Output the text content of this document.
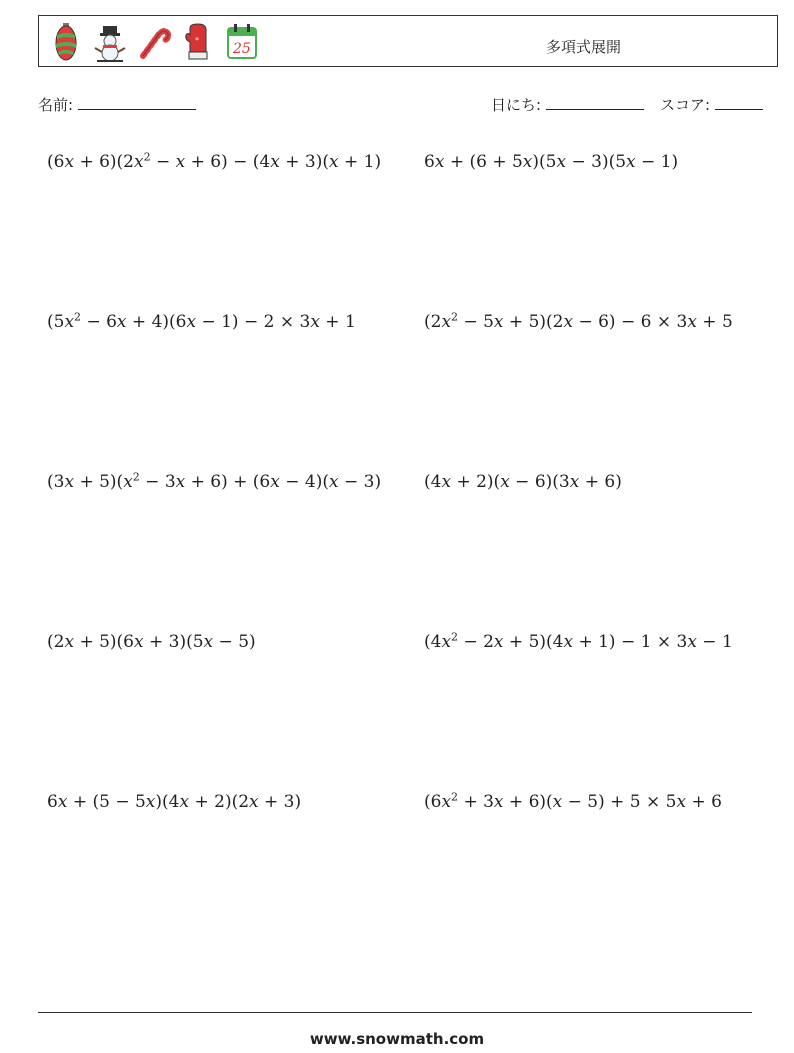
*
25	多項式展開
名前:	日にち:	スコア:
$(6x + 6)(2x^2 - x + 6) - (4x + 3)(x + 1)$	6x + (6 + 5x)(5x − 3)(5x − 1)
$(5x^2 - 6x + 4)(6x - 1) - 2 \times 3x + 1$	$(2x^2 - 5x + 5)(2x - 6) - 6 \times 3x + 5$
$(3x + 5)(x^2 - 3x + 6) + (6x - 4)(x - 3)$	(4x + 2)(x − 6)(3x + 6)
(2x + 5)(6x + 3)(5x − 5)	$(4x^2 - 2x + 5)(4x + 1) - 1 \times 3x - 1$
6x + (5 − 5x)(4x + 2)(2x + 3)	$(6x^2 + 3x + 6)(x - 5) + 5 \times 5x + 6$
www.snowmath.com
